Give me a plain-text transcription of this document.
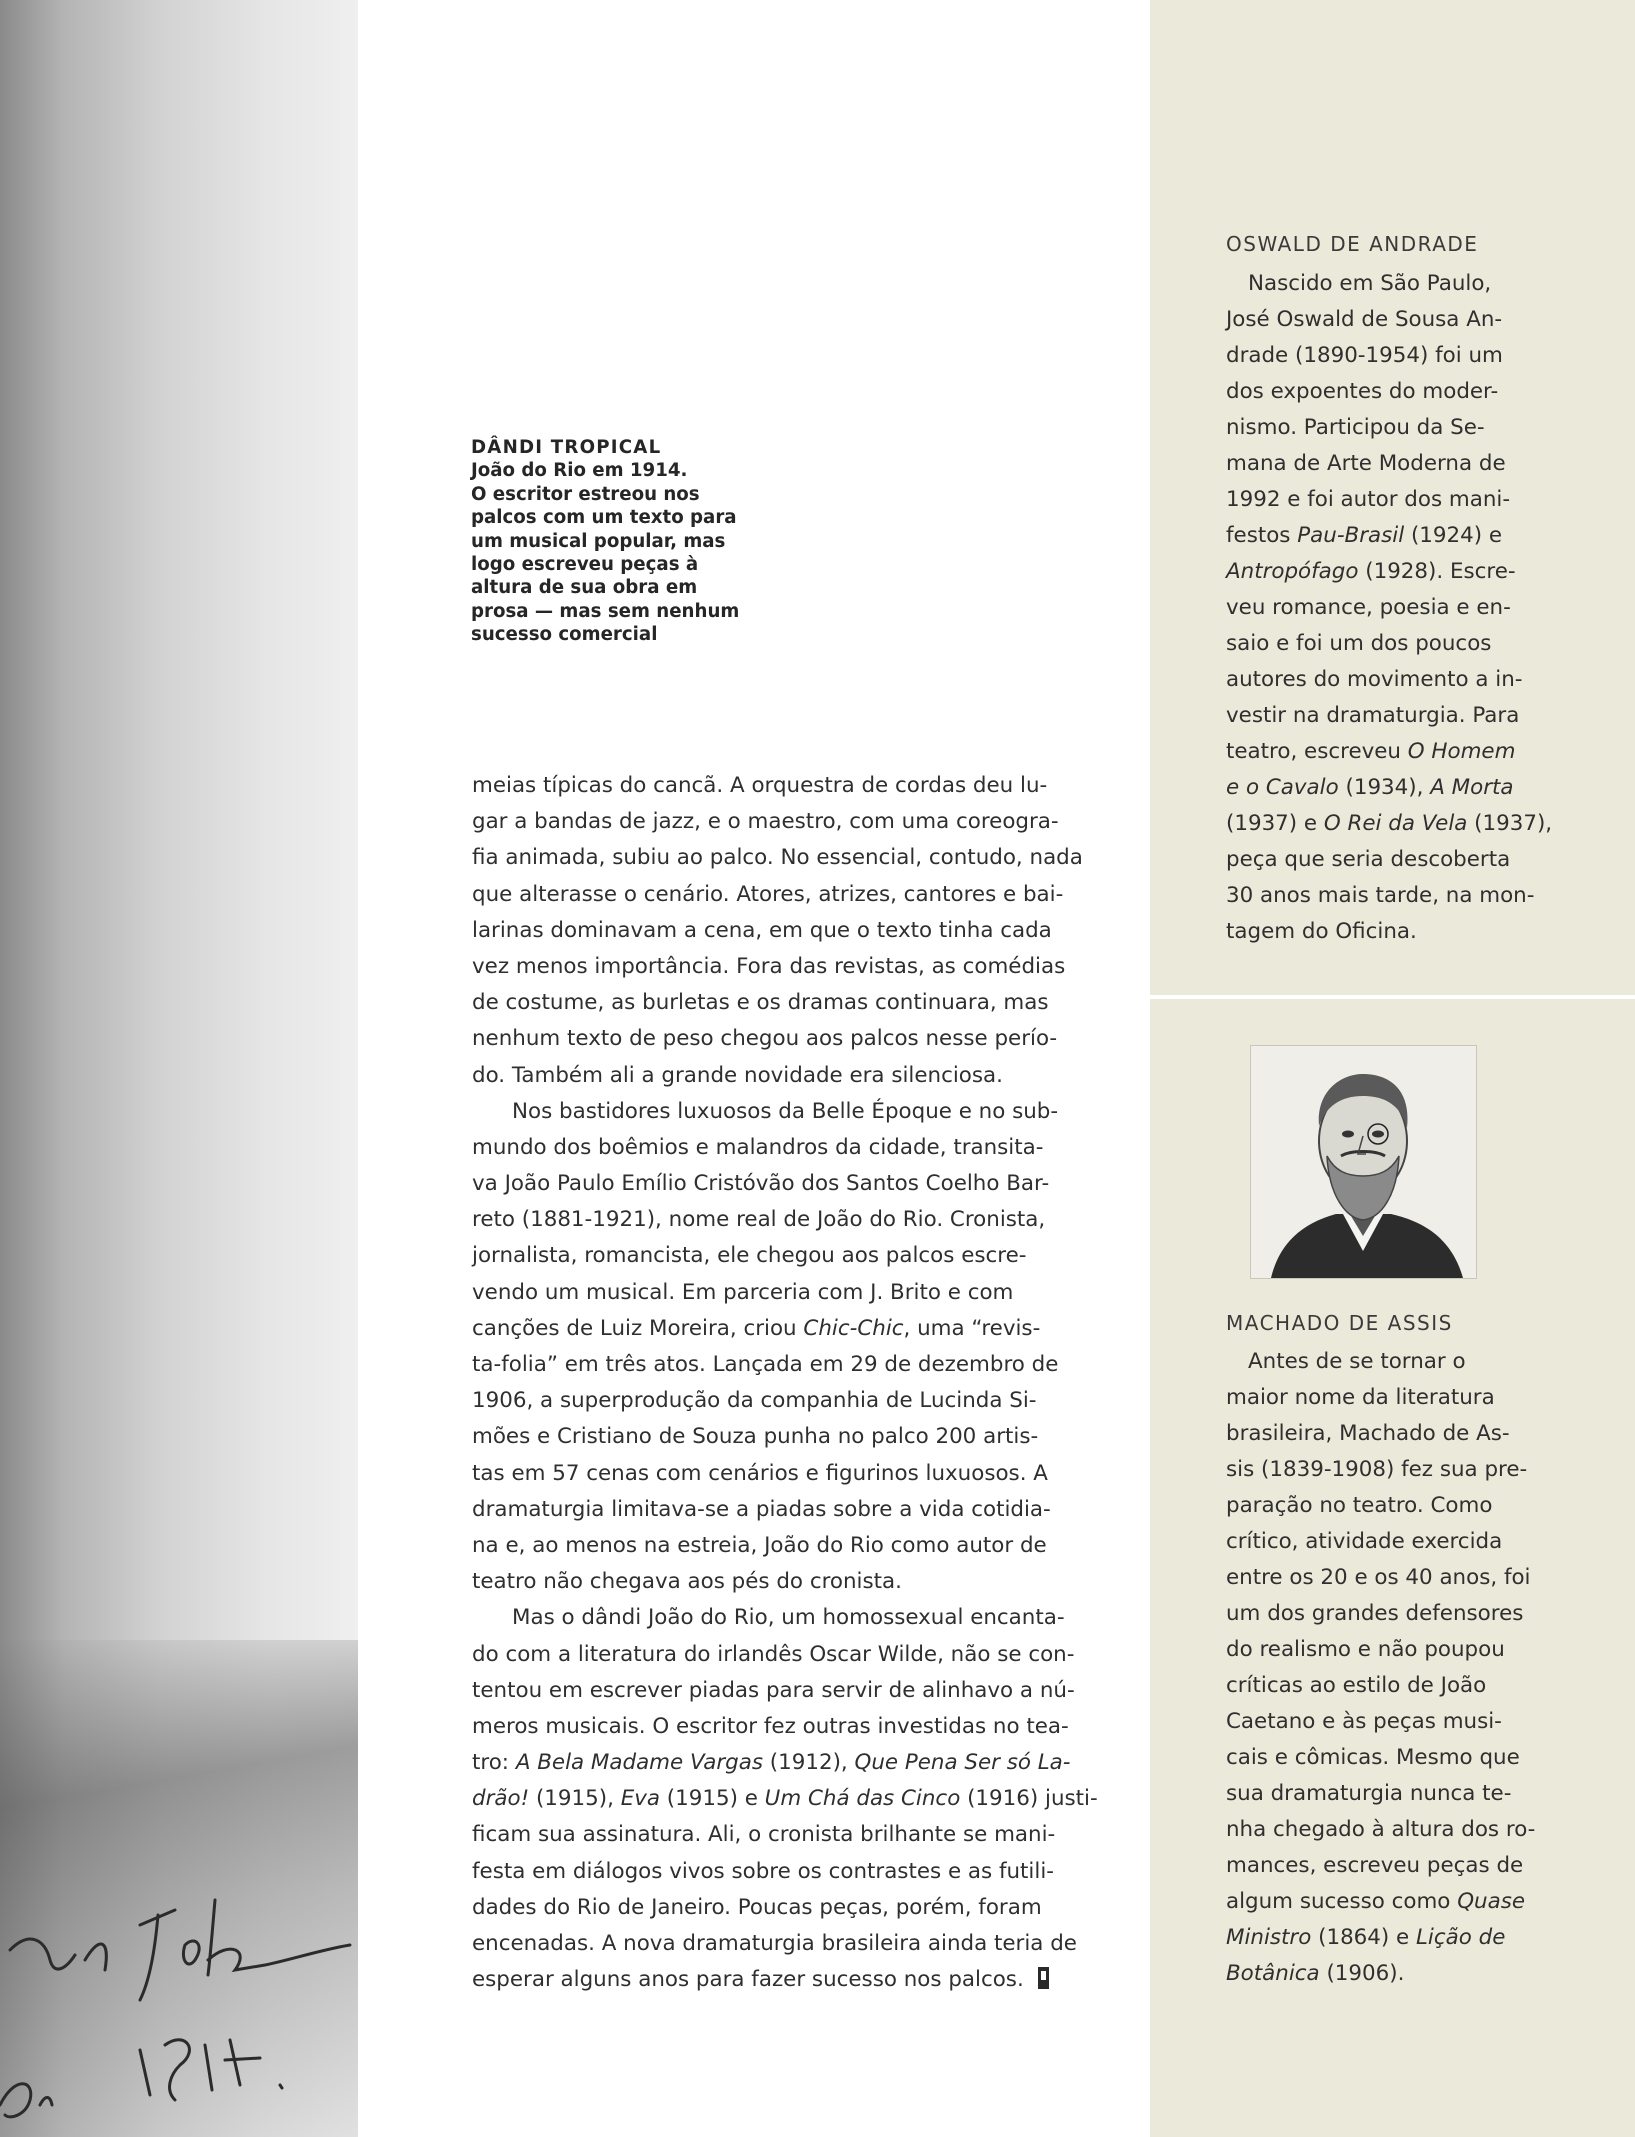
DÂNDI TROPICAL
João do Rio em 1914.
O escritor estreou nos
palcos com um texto para
um musical popular, mas
logo escreveu peças à
altura de sua obra em
prosa — mas sem nenhum
sucesso comercial
meias típicas do cancã. A orquestra de cordas deu lu-
gar a bandas de jazz, e o maestro, com uma coreogra-
fia animada, subiu ao palco. No essencial, contudo, nada
que alterasse o cenário. Atores, atrizes, cantores e bai-
larinas dominavam a cena, em que o texto tinha cada
vez menos importância. Fora das revistas, as comédias
de costume, as burletas e os dramas continuara, mas
nenhum texto de peso chegou aos palcos nesse perío-
do. Também ali a grande novidade era silenciosa.
Nos bastidores luxuosos da Belle Époque e no sub-
mundo dos boêmios e malandros da cidade, transita-
va João Paulo Emílio Cristóvão dos Santos Coelho Bar-
reto (1881-1921), nome real de João do Rio. Cronista,
jornalista, romancista, ele chegou aos palcos escre-
vendo um musical. Em parceria com J. Brito e com
canções de Luiz Moreira, criou Chic-Chic, uma “revis-
ta-folia” em três atos. Lançada em 29 de dezembro de
1906, a superprodução da companhia de Lucinda Si-
mões e Cristiano de Souza punha no palco 200 artis-
tas em 57 cenas com cenários e figurinos luxuosos. A
dramaturgia limitava-se a piadas sobre a vida cotidia-
na e, ao menos na estreia, João do Rio como autor de
teatro não chegava aos pés do cronista.
Mas o dândi João do Rio, um homossexual encanta-
do com a literatura do irlandês Oscar Wilde, não se con-
tentou em escrever piadas para servir de alinhavo a nú-
meros musicais. O escritor fez outras investidas no tea-
tro: A Bela Madame Vargas (1912), Que Pena Ser só La-
drão! (1915), Eva (1915) e Um Chá das Cinco (1916) justi-
ficam sua assinatura. Ali, o cronista brilhante se mani-
festa em diálogos vivos sobre os contrastes e as futili-
dades do Rio de Janeiro. Poucas peças, porém, foram
encenadas. A nova dramaturgia brasileira ainda teria de
esperar alguns anos para fazer sucesso nos palcos.
OSWALD DE ANDRADE
Nascido em São Paulo,
José Oswald de Sousa An-
drade (1890-1954) foi um
dos expoentes do moder-
nismo. Participou da Se-
mana de Arte Moderna de
1992 e foi autor dos mani-
festos Pau-Brasil (1924) e
Antropófago (1928). Escre-
veu romance, poesia e en-
saio e foi um dos poucos
autores do movimento a in-
vestir na dramaturgia. Para
teatro, escreveu O Homem
e o Cavalo (1934), A Morta
(1937) e O Rei da Vela (1937),
peça que seria descoberta
30 anos mais tarde, na mon-
tagem do Oficina.
MACHADO DE ASSIS
Antes de se tornar o
maior nome da literatura
brasileira, Machado de As-
sis (1839-1908) fez sua pre-
paração no teatro. Como
crítico, atividade exercida
entre os 20 e os 40 anos, foi
um dos grandes defensores
do realismo e não poupou
críticas ao estilo de João
Caetano e às peças musi-
cais e cômicas. Mesmo que
sua dramaturgia nunca te-
nha chegado à altura dos ro-
mances, escreveu peças de
algum sucesso como Quase
Ministro (1864) e Lição de
Botânica (1906).
